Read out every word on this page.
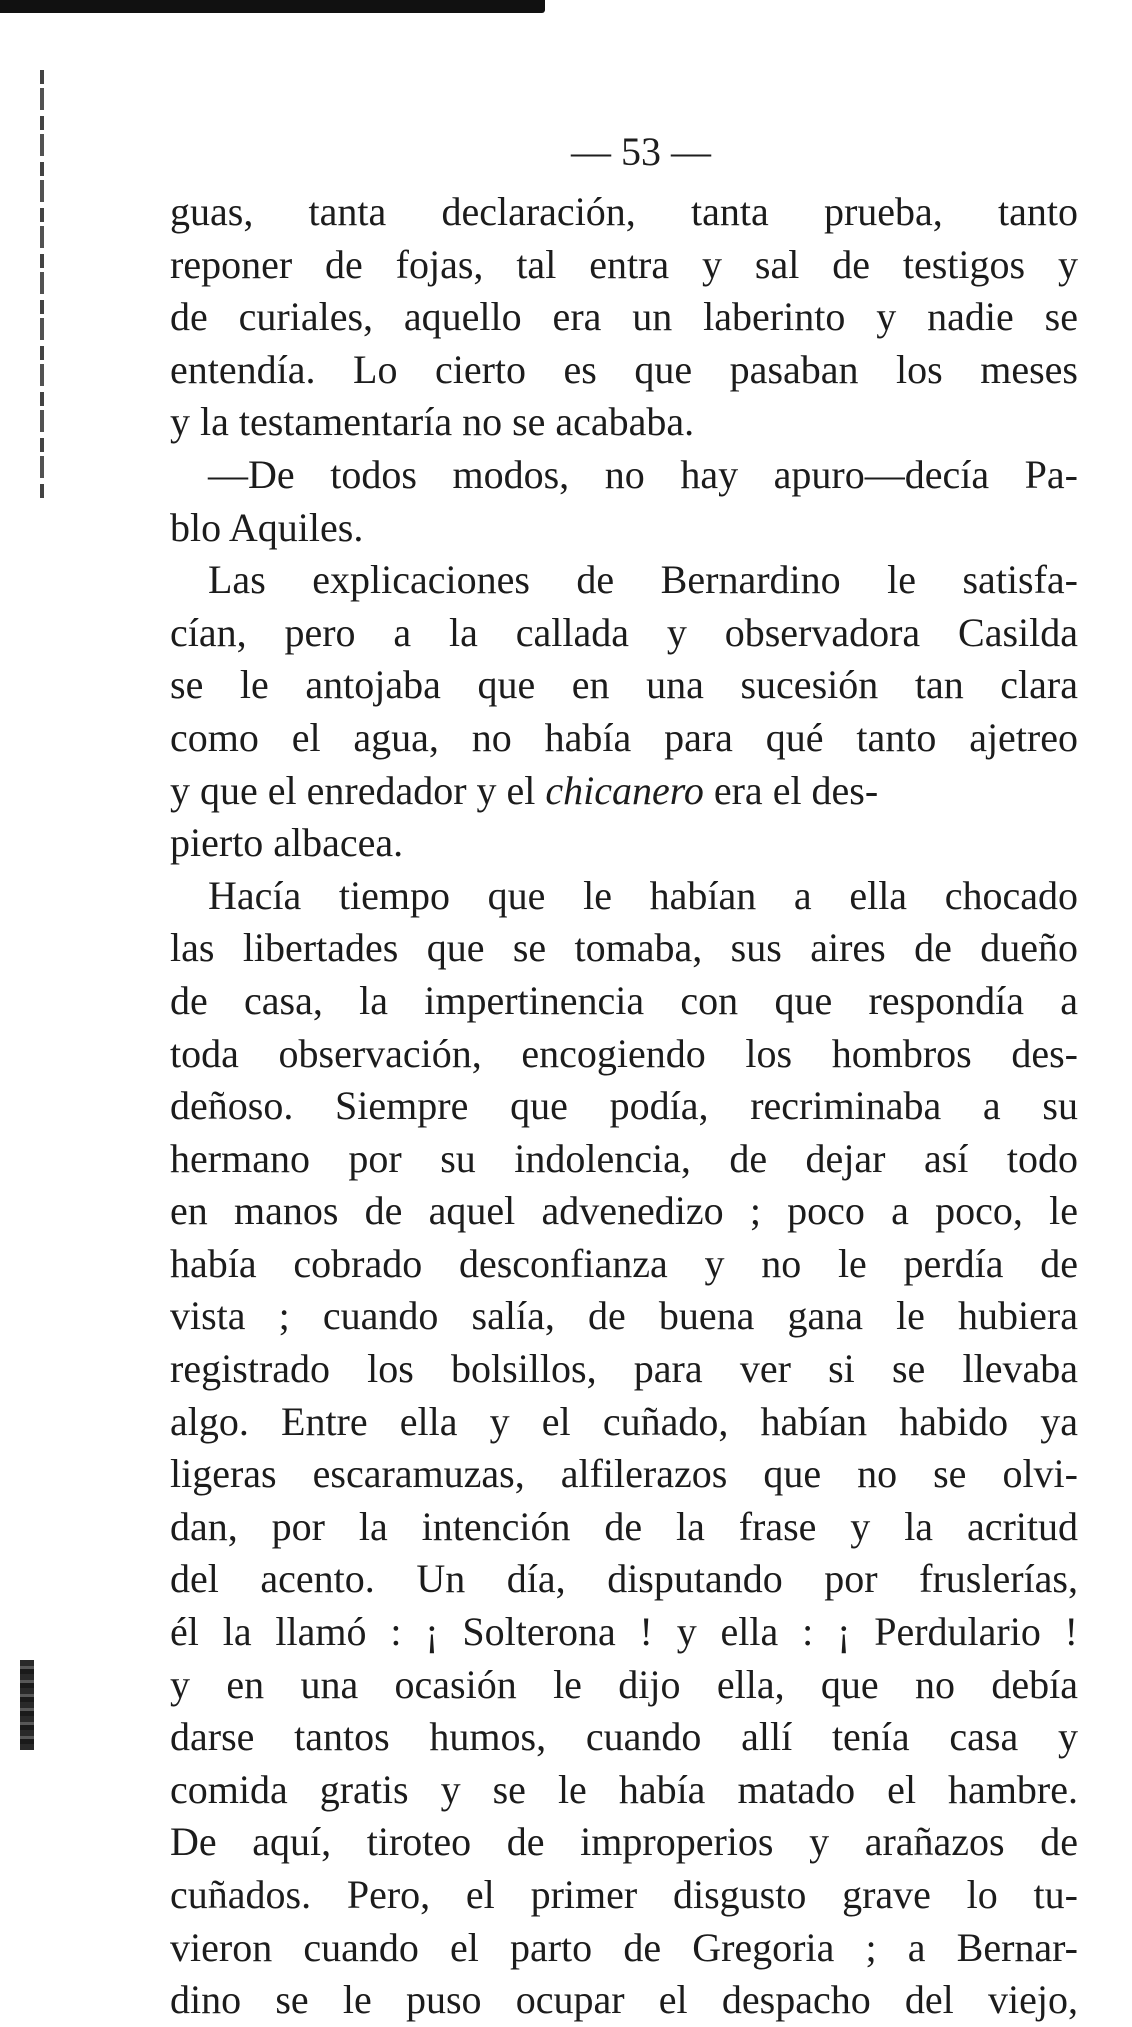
— 53 —
guas, tanta declaración, tanta prueba, tanto
reponer de fojas, tal entra y sal de testigos y
de curiales, aquello era un laberinto y nadie se
entendía. Lo cierto es que pasaban los meses
y la testamentaría no se acababa.
—De todos modos, no hay apuro—decía Pa-
blo Aquiles.
Las explicaciones de Bernardino le satisfa-
cían, pero a la callada y observadora Casilda
se le antojaba que en una sucesión tan clara
como el agua, no había para qué tanto ajetreo
y que el enredador y el chicanero era el des-
pierto albacea.
Hacía tiempo que le habían a ella chocado
las libertades que se tomaba, sus aires de dueño
de casa, la impertinencia con que respondía a
toda observación, encogiendo los hombros des-
deñoso. Siempre que podía, recriminaba a su
hermano por su indolencia, de dejar así todo
en manos de aquel advenedizo ; poco a poco, le
había cobrado desconfianza y no le perdía de
vista ; cuando salía, de buena gana le hubiera
registrado los bolsillos, para ver si se llevaba
algo. Entre ella y el cuñado, habían habido ya
ligeras escaramuzas, alfilerazos que no se olvi-
dan, por la intención de la frase y la acritud
del acento. Un día, disputando por fruslerías,
él la llamó : ¡ Solterona ! y ella : ¡ Perdulario !
y en una ocasión le dijo ella, que no debía
darse tantos humos, cuando allí tenía casa y
comida gratis y se le había matado el hambre.
De aquí, tiroteo de improperios y arañazos de
cuñados. Pero, el primer disgusto grave lo tu-
vieron cuando el parto de Gregoria ; a Bernar-
dino se le puso ocupar el despacho del viejo,
